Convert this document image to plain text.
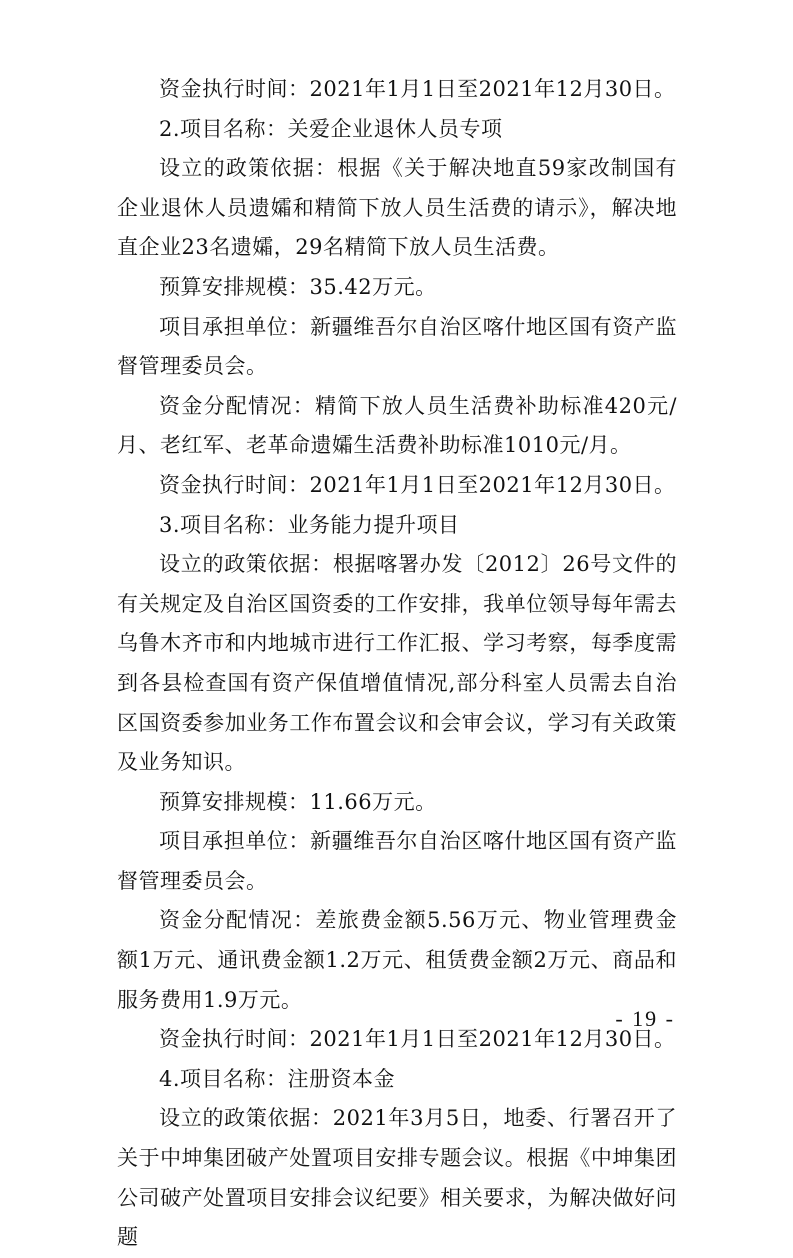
资金执行时间：2021年1月1日至2021年12月30日。

2.项目名称：关爱企业退休人员专项

设立的政策依据：根据《关于解决地直59家改制国有企业退休人员遗孀和精简下放人员生活费的请示》，解决地直企业23名遗孀，29名精简下放人员生活费。

预算安排规模：35.42万元。

项目承担单位：新疆维吾尔自治区喀什地区国有资产监督管理委员会。

资金分配情况：精简下放人员生活费补助标准420元/月、老红军、老革命遗孀生活费补助标准1010元/月。

资金执行时间：2021年1月1日至2021年12月30日。

3.项目名称：业务能力提升项目

设立的政策依据：根据喀署办发〔2012〕26号文件的有关规定及自治区国资委的工作安排，我单位领导每年需去乌鲁木齐市和内地城市进行工作汇报、学习考察，每季度需到各县检查国有资产保值增值情况,部分科室人员需去自治区国资委参加业务工作布置会议和会审会议，学习有关政策及业务知识。

预算安排规模：11.66万元。

项目承担单位：新疆维吾尔自治区喀什地区国有资产监督管理委员会。

资金分配情况：差旅费金额5.56万元、物业管理费金额1万元、通讯费金额1.2万元、租赁费金额2万元、商品和服务费用1.9万元。

资金执行时间：2021年1月1日至2021年12月30日。

4.项目名称：注册资本金

设立的政策依据：2021年3月5日，地委、行署召开了关于中坤集团破产处置项目安排专题会议。根据《中坤集团公司破产处置项目安排会议纪要》相关要求，为解决做好问题

- 19 -
